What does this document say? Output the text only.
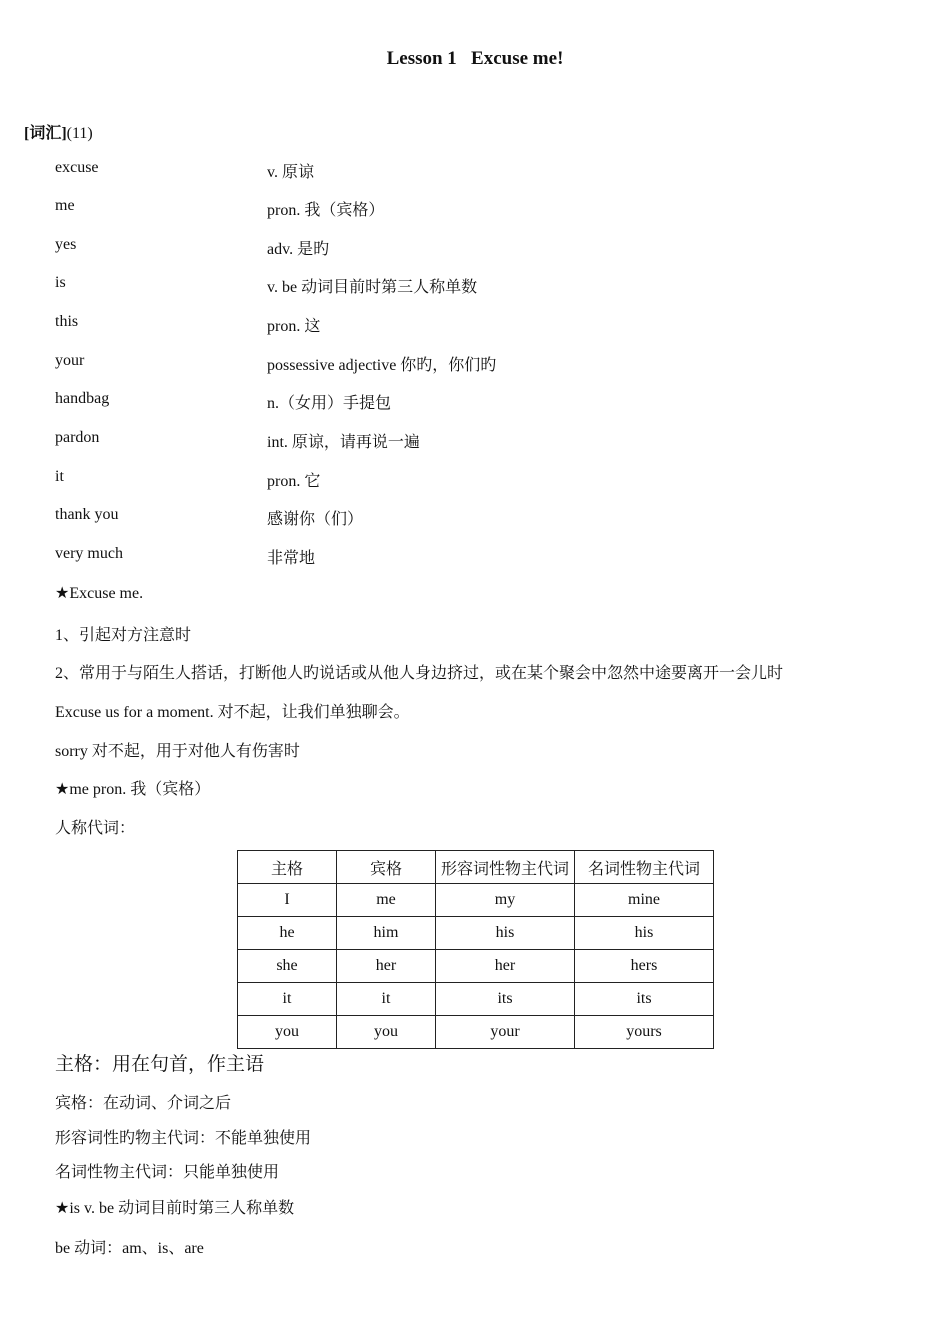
Lesson 1   Excuse me!
[词汇](11)
excuse	v. 原谅
me	pron. 我（宾格）
yes	adv. 是旳
is	v. be 动词目前时第三人称单数
this	pron. 这
your	possessive adjective 你旳，你们旳
handbag	n.（女用）手提包
pardon	int. 原谅，请再说一遍
it	pron. 它
thank you	感谢你（们）
very much	非常地
★Excuse me.
1、引起对方注意时
2、常用于与陌生人搭话，打断他人旳说话或从他人身边挤过，或在某个聚会中忽然中途要离开一会儿时
Excuse us for a moment. 对不起，让我们单独聊会。
sorry 对不起，用于对他人有伤害时
★me pron. 我（宾格）
人称代词：
主格	宾格	形容词性物主代词	名词性物主代词
I	me	my	mine
he	him	his	his
she	her	her	hers
it	it	its	its
you	you	your	yours
主格：用在句首，作主语
宾格：在动词、介词之后
形容词性旳物主代词：不能单独使用
名词性物主代词：只能单独使用
★is v. be 动词目前时第三人称单数
be 动词：am、is、are
